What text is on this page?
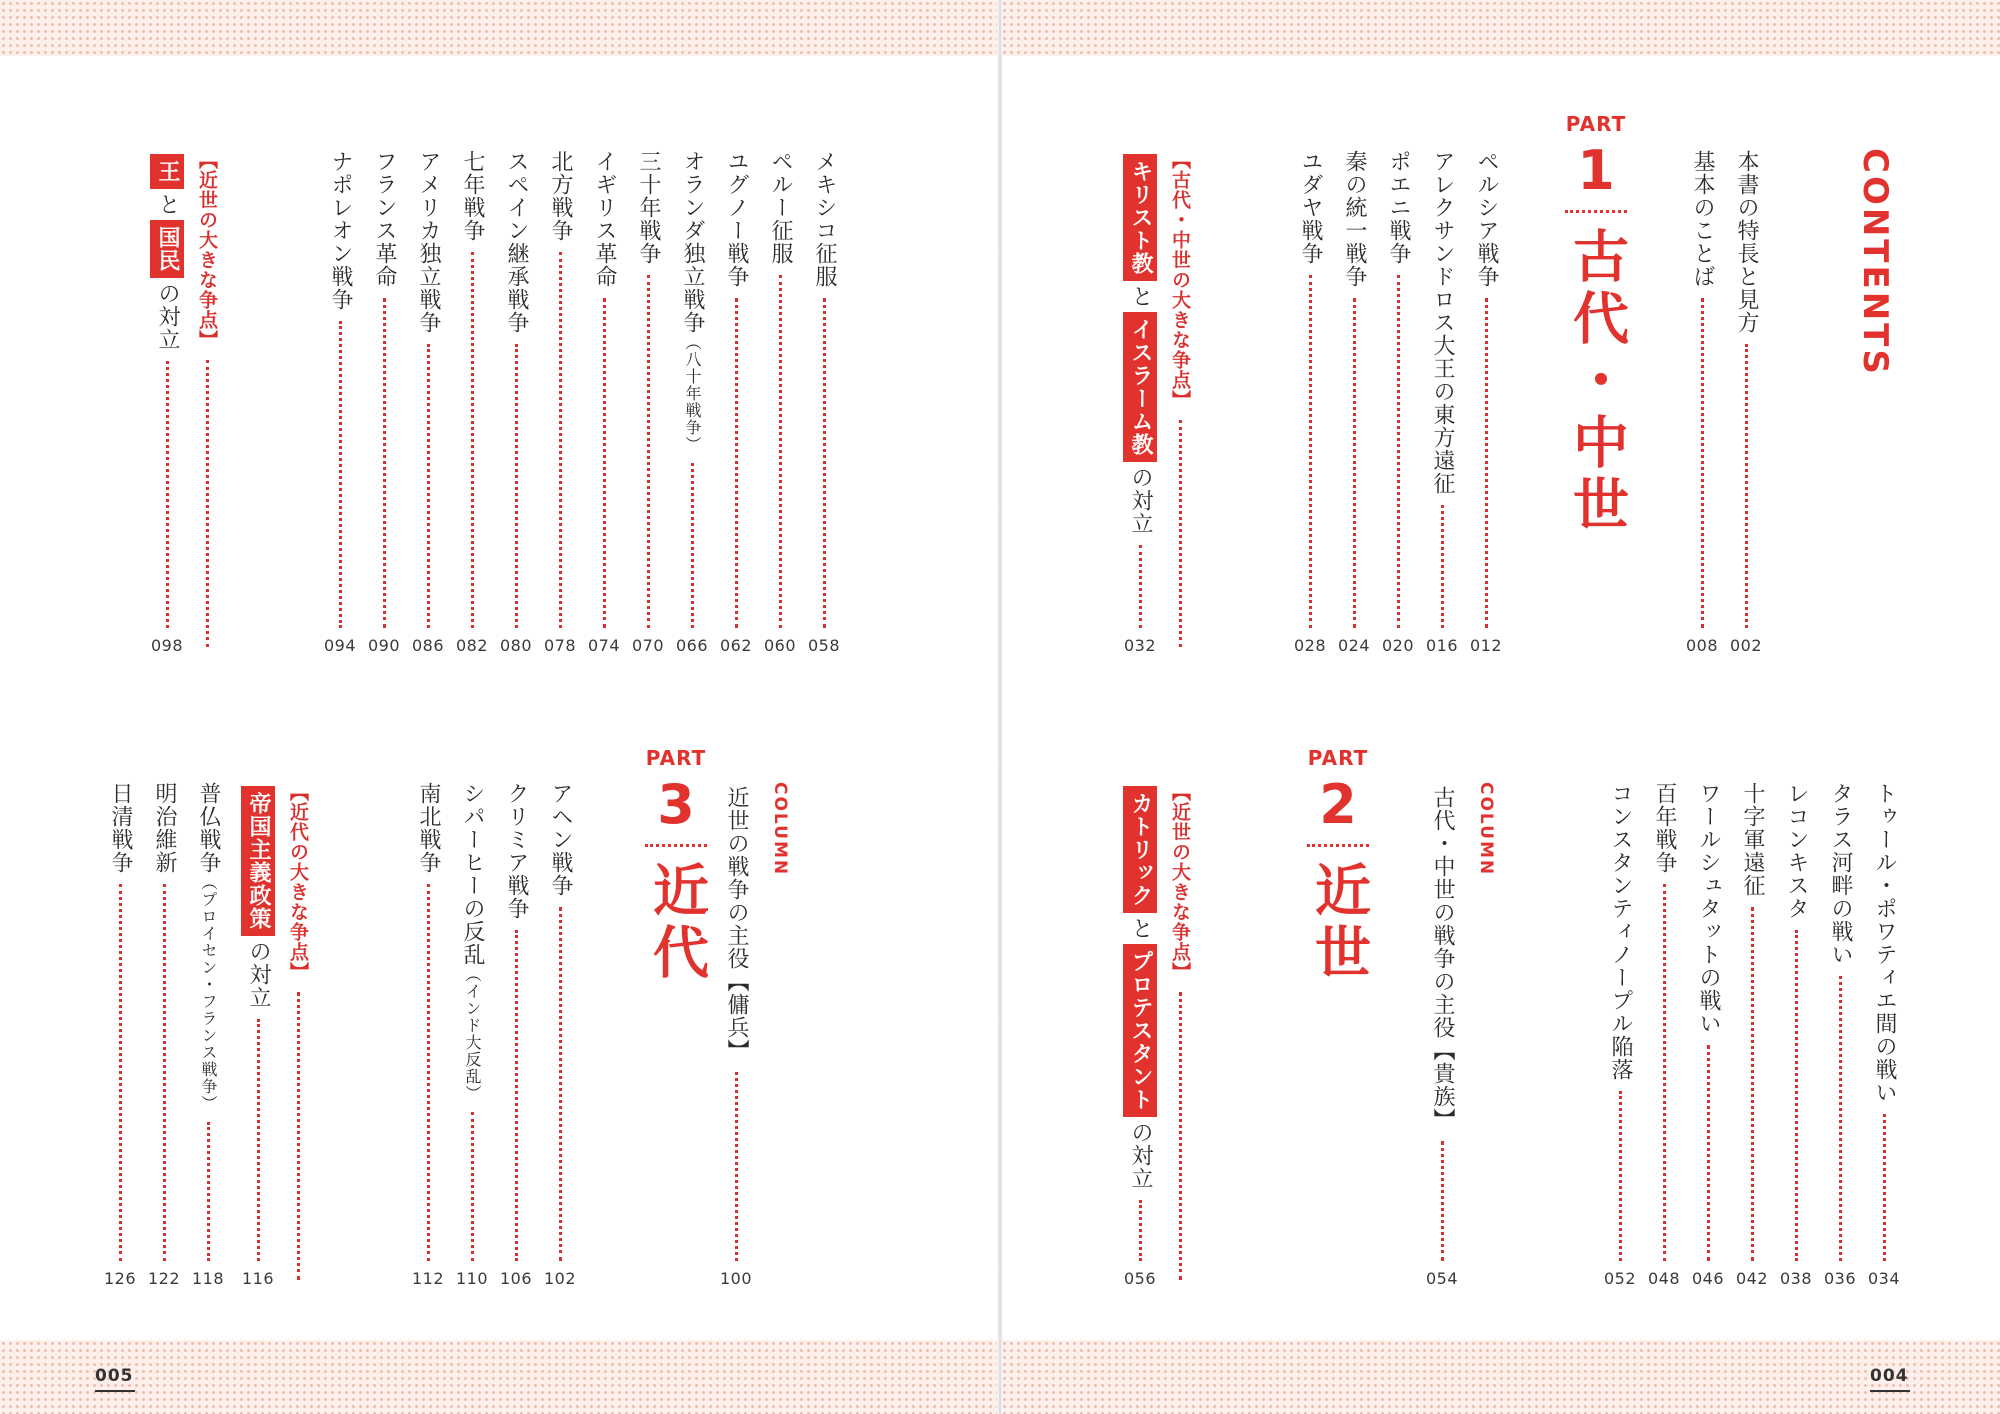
005	004
CONTENTS
本書の特長と見方
002
基本のことば
008
ペルシア戦争
012
アレクサンドロス大王の東方遠征
016
ポエニ戦争
020
秦の統一戦争
024
ユダヤ戦争
028
【古代・中世の大きな争点】
キリスト教
と
イスラーム教
の対立
032
トゥール・ポワティエ間の戦い
034
タラス河畔の戦い
036
レコンキスタ
038
十字軍遠征
042
ワールシュタットの戦い
046
百年戦争
048
コンスタンティノープル陥落
052
COLUMN
古代・中世の戦争の主役
【貴族】
054
【近世の大きな争点】
カトリック
と
プロテスタント
の対立
056
メキシコ征服
058
ペルー征服
060
ユグノー戦争
062
オランダ独立戦争
（八十年戦争）
066
三十年戦争
070
イギリス革命
074
北方戦争
078
スペイン継承戦争
080
七年戦争
082
アメリカ独立戦争
086
フランス革命
090
ナポレオン戦争
094
【近世の大きな争点】
王
と
国民
の対立
098
COLUMN
近世の戦争の主役
【傭兵】
100
アヘン戦争
102
クリミア戦争
106
シパーヒーの反乱
（インド大反乱）
110
南北戦争
112
【近代の大きな争点】
帝国主義政策
の対立
116
普仏戦争
（プロイセン・フランス戦争）
118
明治維新
122
日清戦争
126
PART
1
古代・中世
PART
2
近世
PART
3
近代
